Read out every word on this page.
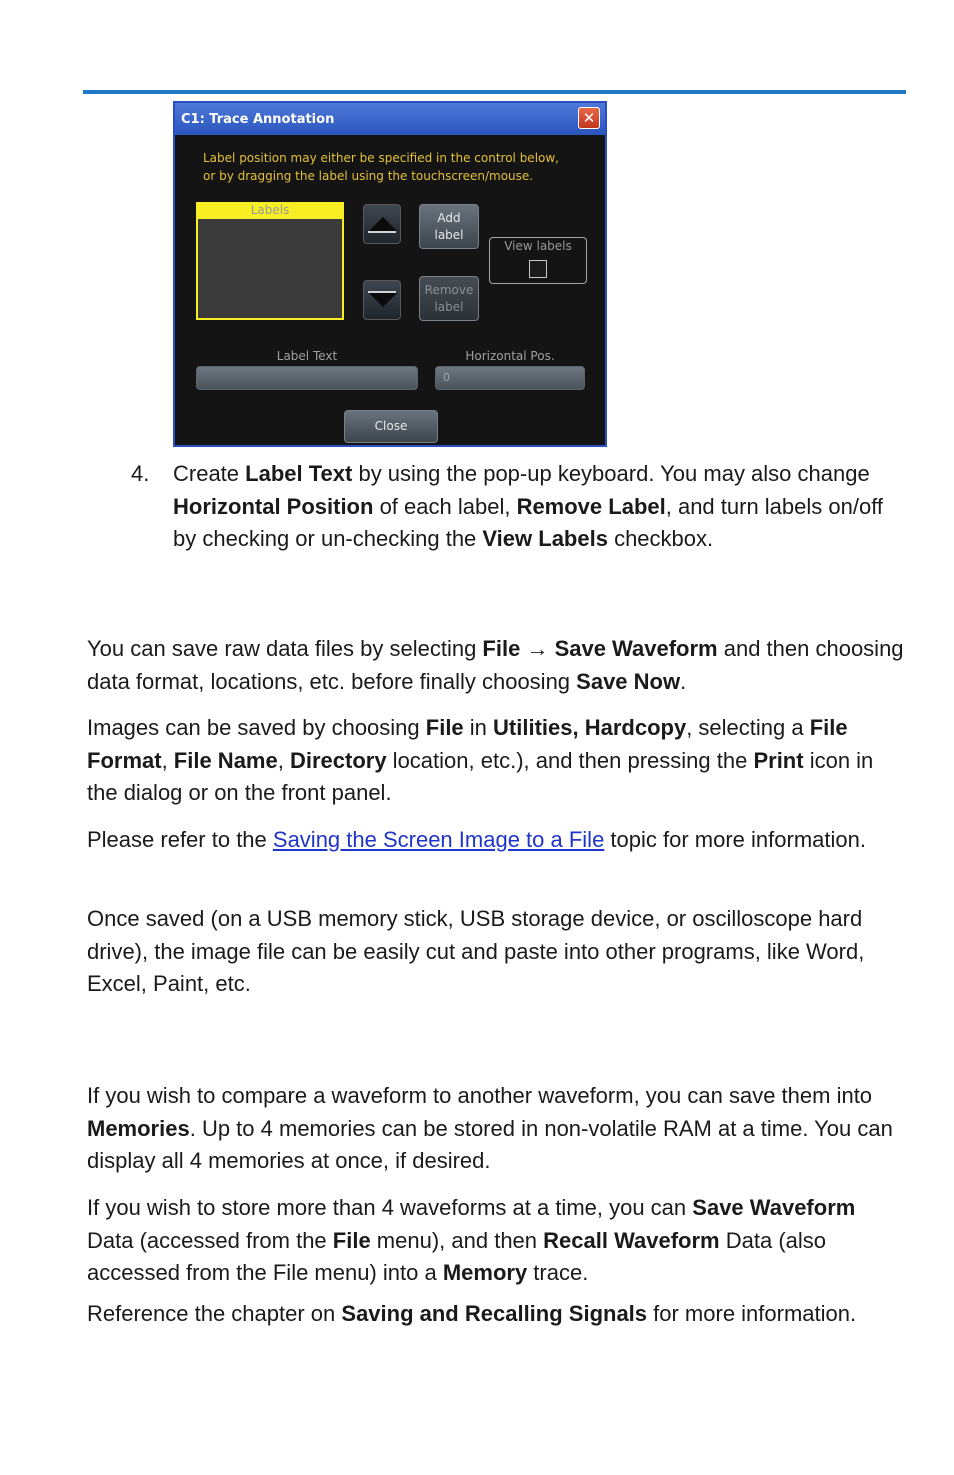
C1: Trace Annotation	✕
Label position may either be specified in the control below,
or by dragging the label using the touchscreen/mouse.
Labels
Add
label
Remove
label
View labels
Label Text	Horizontal Pos.
0
Close
4. Create Label Text by using the pop-up keyboard. You may also change Horizontal Position of each label, Remove Label, and turn labels on/off by checking or un-checking the View Labels checkbox.

You can save raw data files by selecting File → Save Waveform and then choosing data format, locations, etc. before finally choosing Save Now.

Images can be saved by choosing File in Utilities, Hardcopy, selecting a File Format, File Name, Directory location, etc.), and then pressing the Print icon in the dialog or on the front panel.

Please refer to the Saving the Screen Image to a File topic for more information.

Once saved (on a USB memory stick, USB storage device, or oscilloscope hard drive), the image file can be easily cut and paste into other programs, like Word, Excel, Paint, etc.

If you wish to compare a waveform to another waveform, you can save them into Memories. Up to 4 memories can be stored in non-volatile RAM at a time. You can display all 4 memories at once, if desired.

If you wish to store more than 4 waveforms at a time, you can Save Waveform Data (accessed from the File menu), and then Recall Waveform Data (also accessed from the File menu) into a Memory trace.

Reference the chapter on Saving and Recalling Signals for more information.
